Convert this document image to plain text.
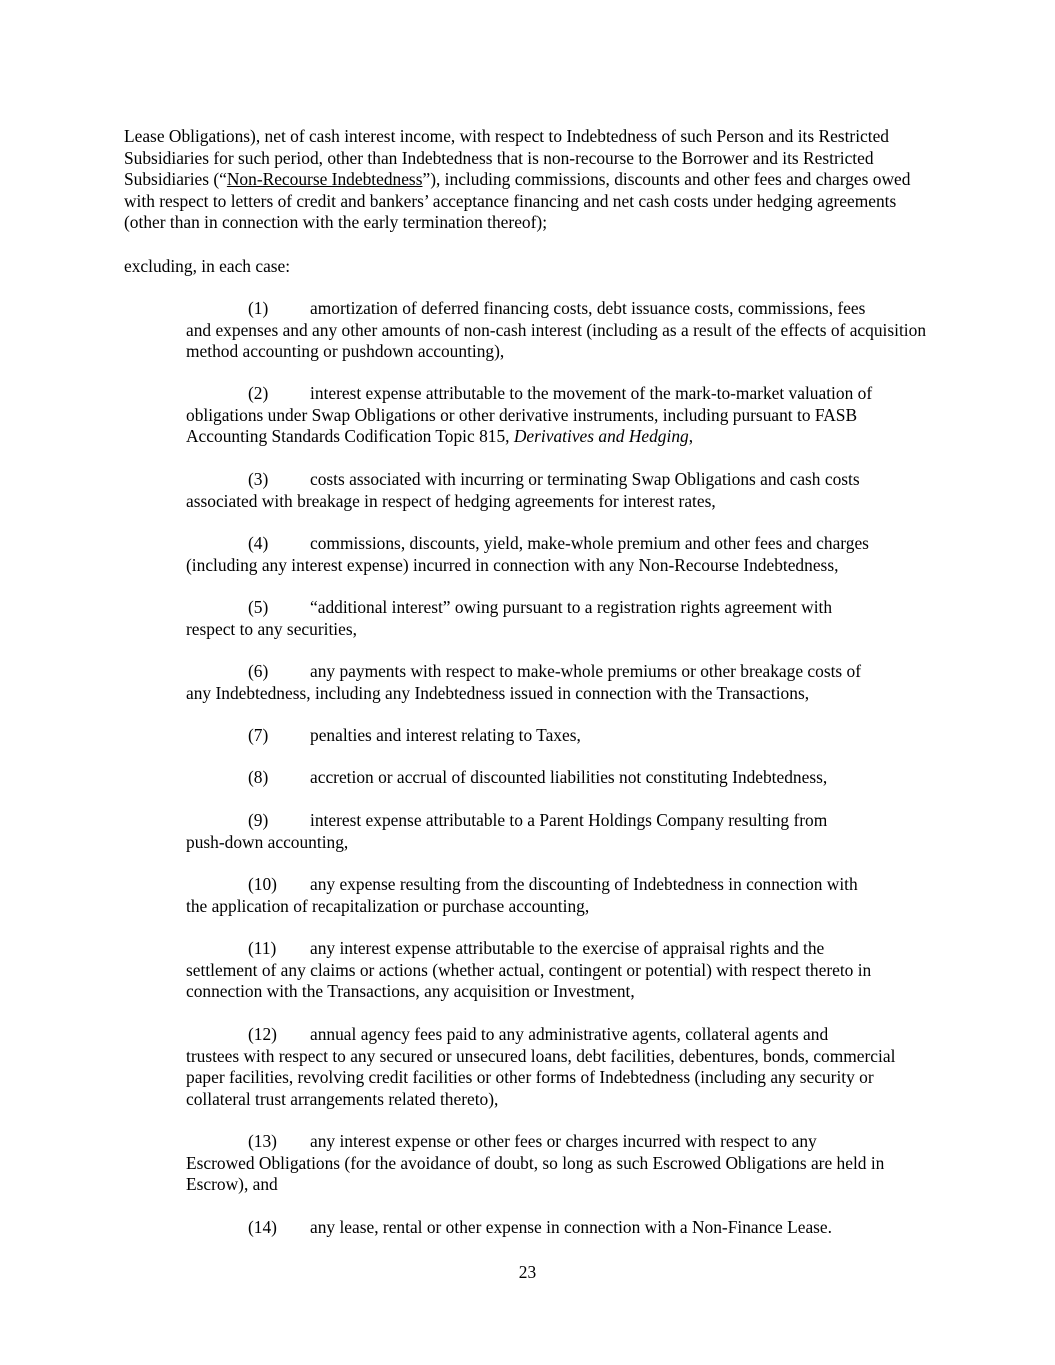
Lease Obligations), net of cash interest income, with respect to Indebtedness of such Person and its Restricted Subsidiaries for such period, other than Indebtedness that is non-recourse to the Borrower and its Restricted Subsidiaries (“Non-Recourse Indebtedness”), including commissions, discounts and other fees and charges owed with respect to letters of credit and bankers’ acceptance financing and net cash costs under hedging agreements (other than in connection with the early termination thereof);

excluding, in each case:

(1) amortization of deferred financing costs, debt issuance costs, commissions, fees
and expenses and any other amounts of non-cash interest (including as a result of the effects of acquisition method accounting or pushdown accounting),
(2) interest expense attributable to the movement of the mark-to-market valuation of
obligations under Swap Obligations or other derivative instruments, including pursuant to FASB Accounting Standards Codification Topic 815, Derivatives and Hedging,
(3) costs associated with incurring or terminating Swap Obligations and cash costs
associated with breakage in respect of hedging agreements for interest rates,
(4) commissions, discounts, yield, make-whole premium and other fees and charges
(including any interest expense) incurred in connection with any Non-Recourse Indebtedness,
(5) “additional interest” owing pursuant to a registration rights agreement with
respect to any securities,
(6) any payments with respect to make-whole premiums or other breakage costs of
any Indebtedness, including any Indebtedness issued in connection with the Transactions,
(7) penalties and interest relating to Taxes,
(8) accretion or accrual of discounted liabilities not constituting Indebtedness,
(9) interest expense attributable to a Parent Holdings Company resulting from
push-down accounting,
(10) any expense resulting from the discounting of Indebtedness in connection with
the application of recapitalization or purchase accounting,
(11) any interest expense attributable to the exercise of appraisal rights and the
settlement of any claims or actions (whether actual, contingent or potential) with respect thereto in connection with the Transactions, any acquisition or Investment,
(12) annual agency fees paid to any administrative agents, collateral agents and
trustees with respect to any secured or unsecured loans, debt facilities, debentures, bonds, commercial paper facilities, revolving credit facilities or other forms of Indebtedness (including any security or collateral trust arrangements related thereto),
(13) any interest expense or other fees or charges incurred with respect to any
Escrowed Obligations (for the avoidance of doubt, so long as such Escrowed Obligations are held in Escrow), and
(14) any lease, rental or other expense in connection with a Non-Finance Lease.
23
